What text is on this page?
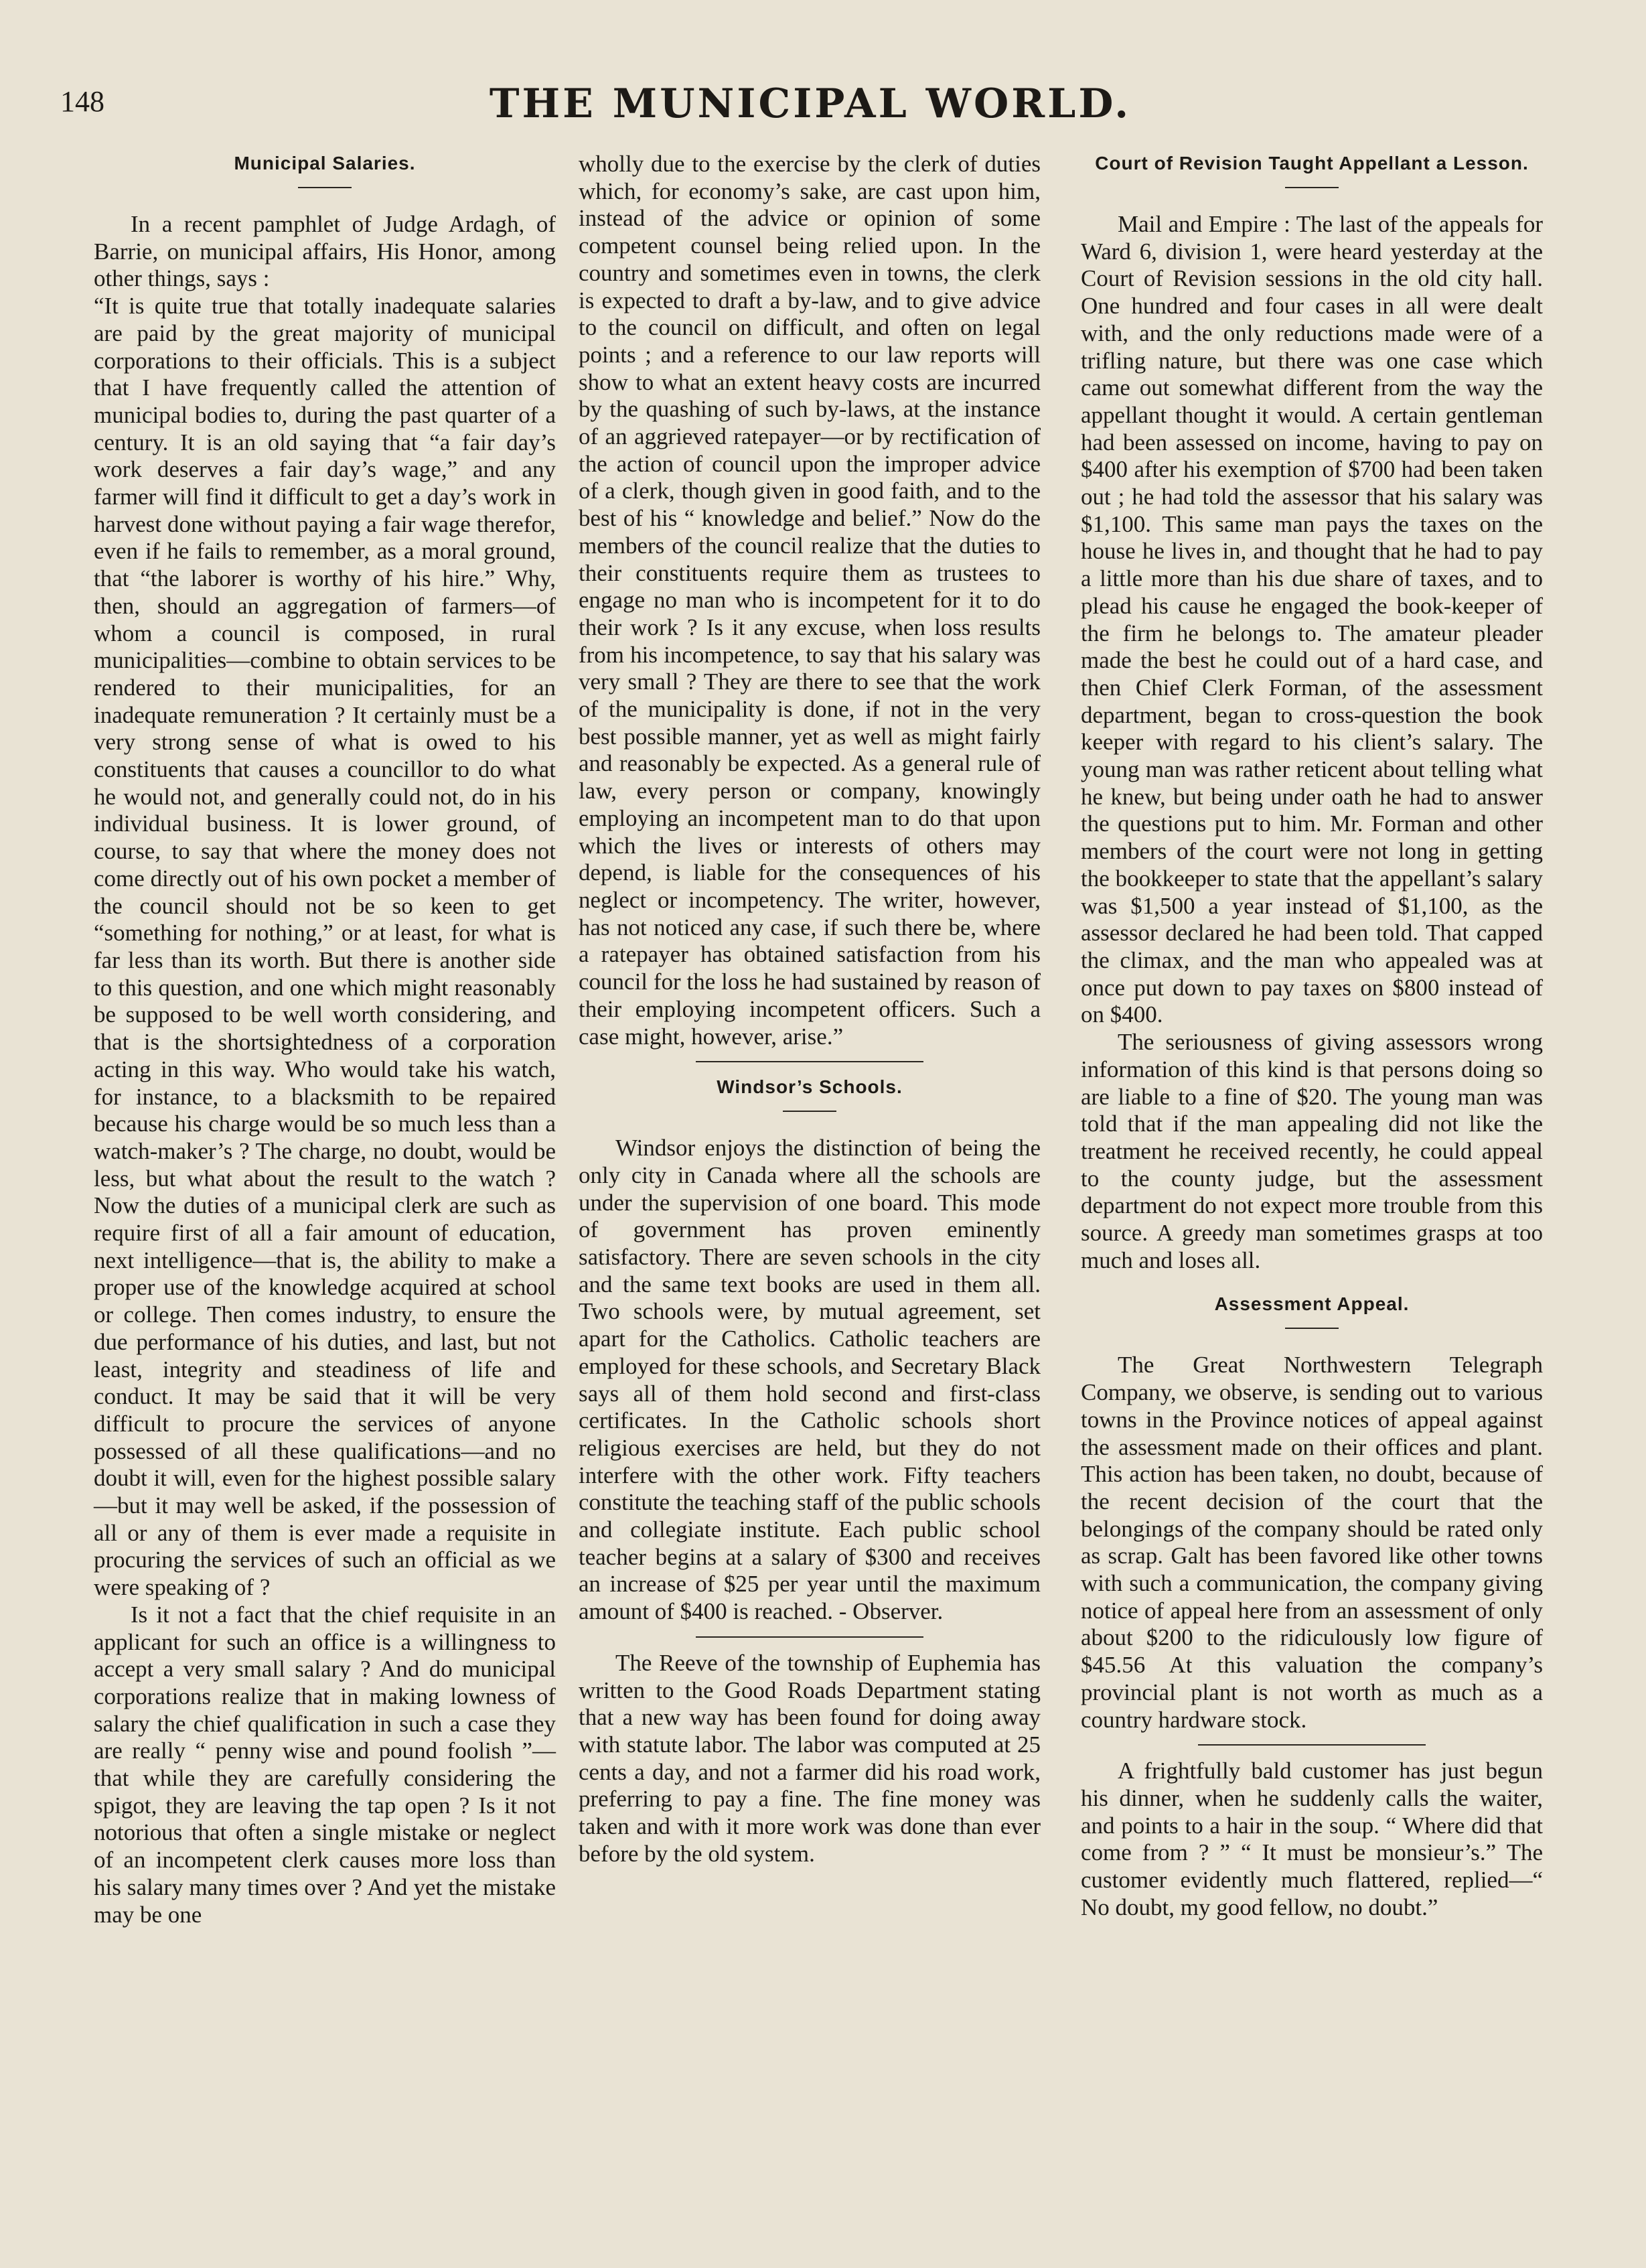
148	THE MUNICIPAL WORLD.
Municipal Salaries.

In a recent pamphlet of Judge Ardagh, of Barrie, on municipal affairs, His Honor, among other things, says :

“It is quite true that totally inadequate salaries are paid by the great majority of municipal corporations to their officials. This is a subject that I have frequently called the attention of municipal bodies to, during the past quarter of a century. It is an old saying that “a fair day’s work deserves a fair day’s wage,” and any farmer will find it difficult to get a day’s work in harvest done without paying a fair wage therefor, even if he fails to remember, as a moral ground, that “the laborer is worthy of his hire.” Why, then, should an aggregation of farmers—of whom a council is composed, in rural municipalities—combine to obtain services to be rendered to their municipalities, for an inadequate remuneration ? It certainly must be a very strong sense of what is owed to his constituents that causes a councillor to do what he would not, and generally could not, do in his individual business. It is lower ground, of course, to say that where the money does not come directly out of his own pocket a member of the council should not be so keen to get “something for nothing,” or at least, for what is far less than its worth. But there is another side to this question, and one which might reasonably be supposed to be well worth considering, and that is the shortsightedness of a corporation acting in this way. Who would take his watch, for instance, to a blacksmith to be repaired because his charge would be so much less than a watch-maker’s ? The charge, no doubt, would be less, but what about the result to the watch ? Now the duties of a municipal clerk are such as require first of all a fair amount of education, next intelligence—that is, the ability to make a proper use of the knowledge acquired at school or college. Then comes industry, to ensure the due performance of his duties, and last, but not least, integrity and steadiness of life and conduct. It may be said that it will be very difficult to procure the services of anyone possessed of all these qualifications—and no doubt it will, even for the highest possible salary—but it may well be asked, if the possession of all or any of them is ever made a requisite in procuring the services of such an official as we were speaking of ?

Is it not a fact that the chief requisite in an applicant for such an office is a willingness to accept a very small salary ? And do municipal corporations realize that in making lowness of salary the chief qualification in such a case they are really “ penny wise and pound foolish ”—that while they are carefully considering the spigot, they are leaving the tap open ? Is it not notorious that often a single mistake or neglect of an incompetent clerk causes more loss than his salary many times over ? And yet the mistake may be one

wholly due to the exercise by the clerk of duties which, for economy’s sake, are cast upon him, instead of the advice or opinion of some competent counsel being relied upon. In the country and sometimes even in towns, the clerk is expected to draft a by-law, and to give advice to the council on difficult, and often on legal points ; and a reference to our law reports will show to what an extent heavy costs are incurred by the quashing of such by-laws, at the instance of an aggrieved ratepayer—or by rectification of the action of council upon the improper advice of a clerk, though given in good faith, and to the best of his “ knowledge and belief.” Now do the members of the council realize that the duties to their constituents require them as trustees to engage no man who is incompetent for it to do their work ? Is it any excuse, when loss results from his incompetence, to say that his salary was very small ? They are there to see that the work of the municipality is done, if not in the very best possible manner, yet as well as might fairly and reasonably be expected. As a general rule of law, every person or company, knowingly employing an incompetent man to do that upon which the lives or interests of others may depend, is liable for the consequences of his neglect or incompetency. The writer, however, has not noticed any case, if such there be, where a ratepayer has obtained satisfaction from his council for the loss he had sustained by reason of their employing incompetent officers. Such a case might, however, arise.”

Windsor’s Schools.

Windsor enjoys the distinction of being the only city in Canada where all the schools are under the supervision of one board. This mode of government has proven eminently satisfactory. There are seven schools in the city and the same text books are used in them all. Two schools were, by mutual agreement, set apart for the Catholics. Catholic teachers are employed for these schools, and Secretary Black says all of them hold second and first-class certificates. In the Catholic schools short religious exercises are held, but they do not interfere with the other work. Fifty teachers constitute the teaching staff of the public schools and collegiate institute. Each public school teacher begins at a salary of $300 and receives an increase of $25 per year until the maximum amount of $400 is reached. - Observer.

The Reeve of the township of Euphemia has written to the Good Roads Department stating that a new way has been found for doing away with statute labor. The labor was computed at 25 cents a day, and not a farmer did his road work, preferring to pay a fine. The fine money was taken and with it more work was done than ever before by the old system.

Court of Revision Taught Appellant a Lesson.

Mail and Empire : The last of the appeals for Ward 6, division 1, were heard yesterday at the Court of Revision sessions in the old city hall. One hundred and four cases in all were dealt with, and the only reductions made were of a trifling nature, but there was one case which came out somewhat different from the way the appellant thought it would. A certain gentleman had been assessed on income, having to pay on $400 after his exemption of $700 had been taken out ; he had told the assessor that his salary was $1,100. This same man pays the taxes on the house he lives in, and thought that he had to pay a little more than his due share of taxes, and to plead his cause he engaged the book-keeper of the firm he belongs to. The amateur pleader made the best he could out of a hard case, and then Chief Clerk Forman, of the assessment department, began to cross-question the book keeper with regard to his client’s salary. The young man was rather reticent about telling what he knew, but being under oath he had to answer the questions put to him. Mr. Forman and other members of the court were not long in getting the bookkeeper to state that the appellant’s salary was $1,500 a year instead of $1,100, as the assessor declared he had been told. That capped the climax, and the man who appealed was at once put down to pay taxes on $800 instead of on $400.

The seriousness of giving assessors wrong information of this kind is that persons doing so are liable to a fine of $20. The young man was told that if the man appealing did not like the treatment he received recently, he could appeal to the county judge, but the assessment department do not expect more trouble from this source. A greedy man sometimes grasps at too much and loses all.

Assessment Appeal.

The Great Northwestern Telegraph Company, we observe, is sending out to various towns in the Province notices of appeal against the assessment made on their offices and plant. This action has been taken, no doubt, because of the recent decision of the court that the belongings of the company should be rated only as scrap. Galt has been favored like other towns with such a communication, the company giving notice of appeal here from an assessment of only about $200 to the ridiculously low figure of $45.56 At this valuation the company’s provincial plant is not worth as much as a country hardware stock.

A frightfully bald customer has just begun his dinner, when he suddenly calls the waiter, and points to a hair in the soup. “ Where did that come from ? ” “ It must be monsieur’s.” The customer evidently much flattered, replied—“ No doubt, my good fellow, no doubt.”
